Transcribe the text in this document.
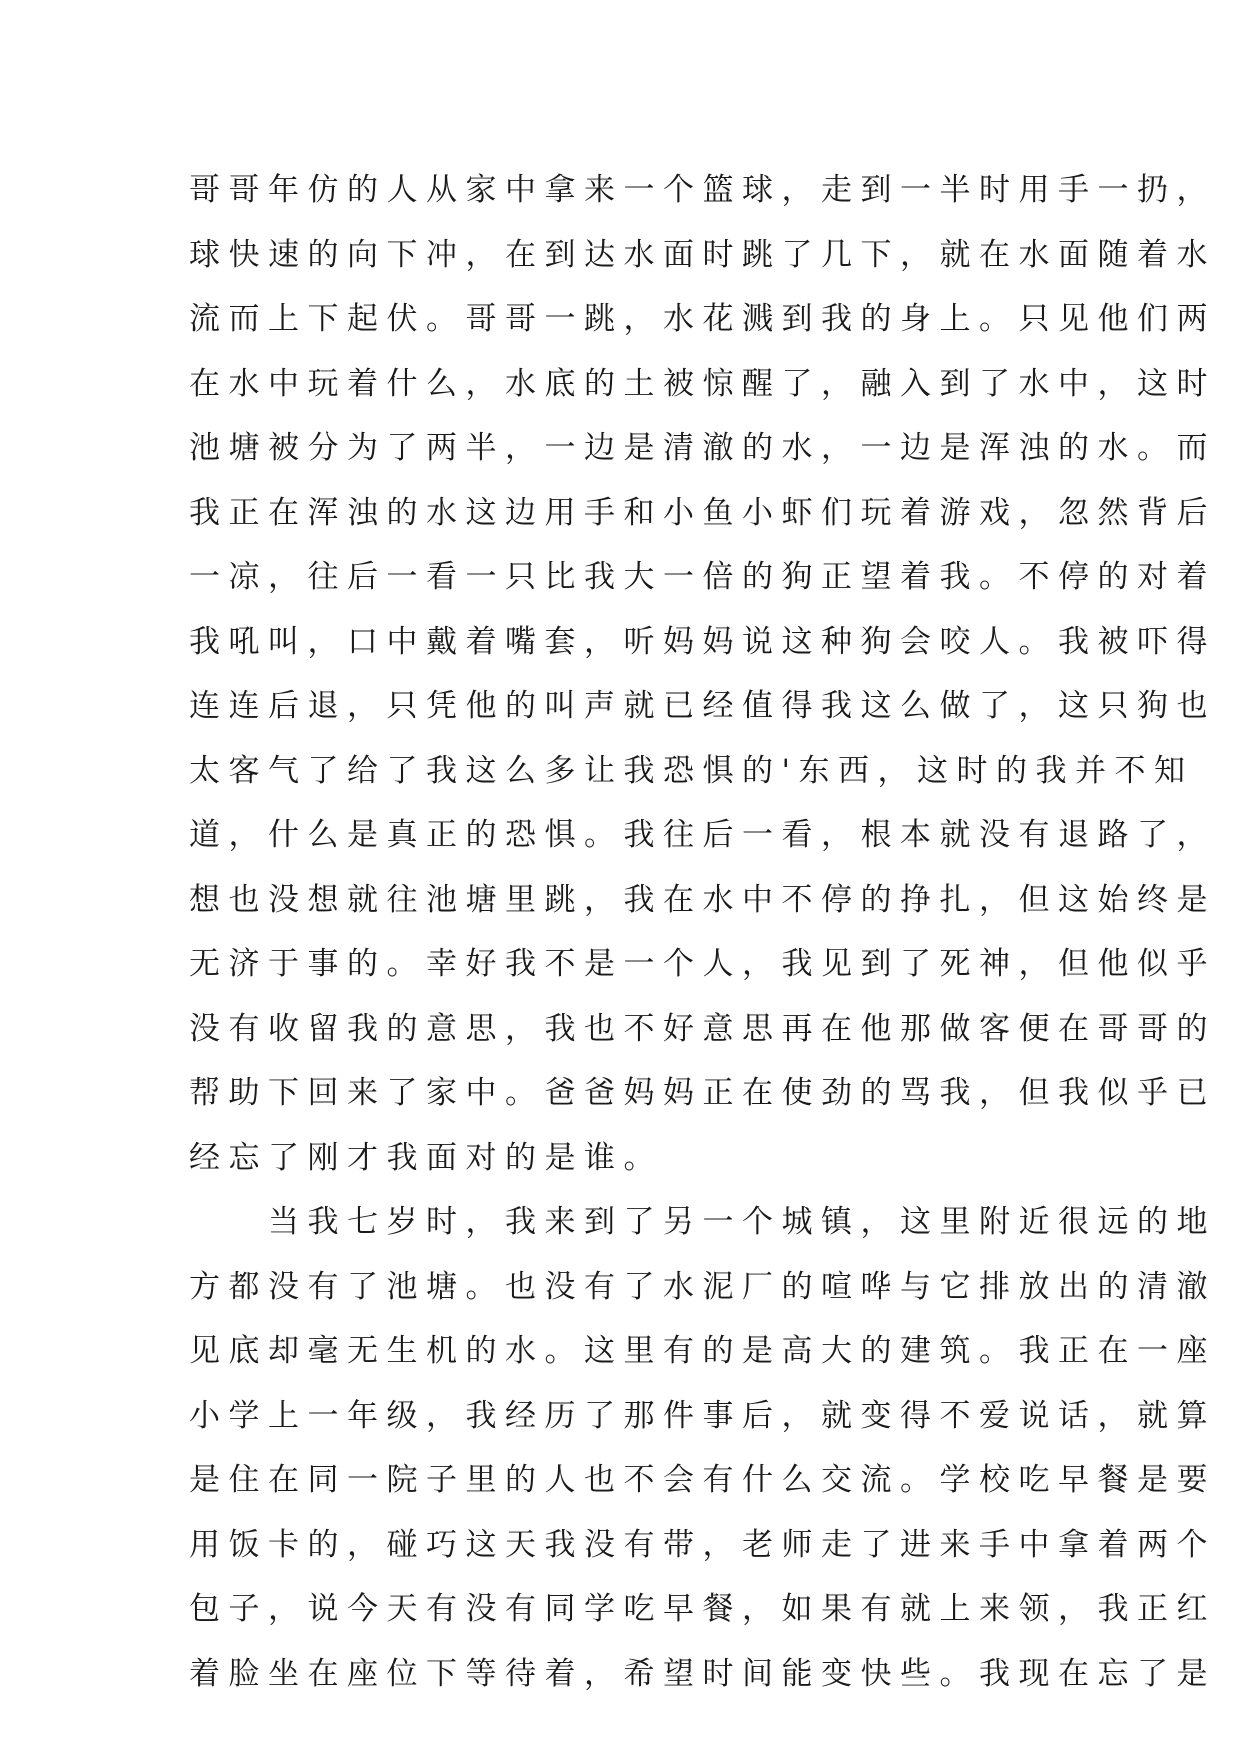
哥哥年仿的人从家中拿来一个篮球，走到一半时用手一扔，
球快速的向下冲，在到达水面时跳了几下，就在水面随着水
流而上下起伏。哥哥一跳，水花溅到我的身上。只见他们两
在水中玩着什么，水底的土被惊醒了，融入到了水中，这时
池塘被分为了两半，一边是清澈的水，一边是浑浊的水。而
我正在浑浊的水这边用手和小鱼小虾们玩着游戏，忽然背后
一凉，往后一看一只比我大一倍的狗正望着我。不停的对着
我吼叫，口中戴着嘴套，听妈妈说这种狗会咬人。我被吓得
连连后退，只凭他的叫声就已经值得我这么做了，这只狗也
太客气了给了我这么多让我恐惧的'东西，这时的我并不知
道，什么是真正的恐惧。我往后一看，根本就没有退路了，
想也没想就往池塘里跳，我在水中不停的挣扎，但这始终是
无济于事的。幸好我不是一个人，我见到了死神，但他似乎
没有收留我的意思，我也不好意思再在他那做客便在哥哥的
帮助下回来了家中。爸爸妈妈正在使劲的骂我，但我似乎已
经忘了刚才我面对的是谁。
　　当我七岁时，我来到了另一个城镇，这里附近很远的地
方都没有了池塘。也没有了水泥厂的喧哗与它排放出的清澈
见底却毫无生机的水。这里有的是高大的建筑。我正在一座
小学上一年级，我经历了那件事后，就变得不爱说话，就算
是住在同一院子里的人也不会有什么交流。学校吃早餐是要
用饭卡的，碰巧这天我没有带，老师走了进来手中拿着两个
包子，说今天有没有同学吃早餐，如果有就上来领，我正红
着脸坐在座位下等待着，希望时间能变快些。我现在忘了是
